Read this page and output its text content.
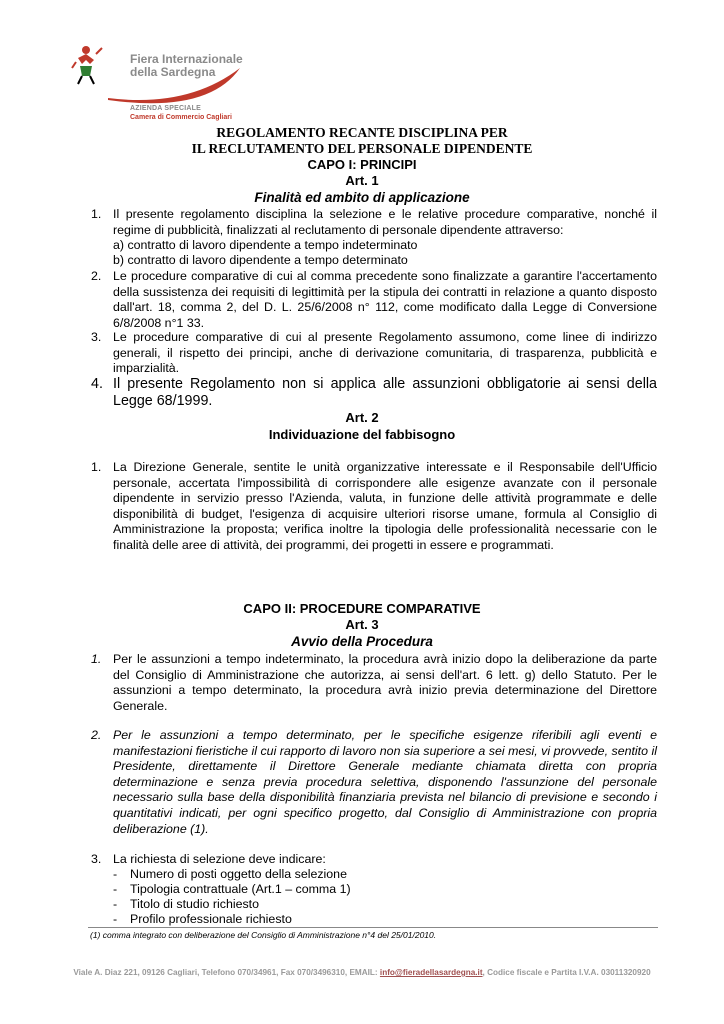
Fiera Internazionale
della Sardegna
AZIENDA SPECIALE
Camera di Commercio Cagliari
REGOLAMENTO RECANTE DISCIPLINA PER
IL RECLUTAMENTO DEL PERSONALE DIPENDENTE
CAPO I: PRINCIPI
Art. 1
Finalità ed ambito di applicazione
1. Il presente regolamento disciplina la selezione e le relative procedure comparative, nonché il regime di pubblicità, finalizzati al reclutamento di personale dipendente attraverso:
a) contratto di lavoro dipendente a tempo indeterminato
b) contratto di lavoro dipendente a tempo determinato
2. Le procedure comparative di cui al comma precedente sono finalizzate a garantire l'accertamento della sussistenza dei requisiti di legittimità per la stipula dei contratti in relazione a quanto disposto dall'art. 18, comma 2, del D. L. 25/6/2008 n° 112, come modificato dalla Legge di Conversione 6/8/2008 n°1 33.
3. Le procedure comparative di cui al presente Regolamento assumono, come linee di indirizzo generali, il rispetto dei principi, anche di derivazione comunitaria, di trasparenza, pubblicità e imparzialità.
4. Il presente Regolamento non si applica alle assunzioni obbligatorie ai sensi della Legge 68/1999.
Art. 2
Individuazione del fabbisogno
1. La Direzione Generale, sentite le unità organizzative interessate e il Responsabile dell'Ufficio personale, accertata l'impossibilità di corrispondere alle esigenze avanzate con il personale dipendente in servizio presso l'Azienda, valuta, in funzione delle attività programmate e delle disponibilità di budget, l'esigenza di acquisire ulteriori risorse umane, formula al Consiglio di Amministrazione la proposta; verifica inoltre la tipologia delle professionalità necessarie con le finalità delle aree di attività, dei programmi, dei progetti in essere e programmati.
CAPO II: PROCEDURE COMPARATIVE
Art. 3
Avvio della Procedura
1. Per le assunzioni a tempo indeterminato, la procedura avrà inizio dopo la deliberazione da parte del Consiglio di Amministrazione che autorizza, ai sensi dell'art. 6 lett. g) dello Statuto. Per le assunzioni a tempo determinato, la procedura avrà inizio previa determinazione del Direttore Generale.
2. Per le assunzioni a tempo determinato, per le specifiche esigenze riferibili agli eventi e manifestazioni fieristiche il cui rapporto di lavoro non sia superiore a sei mesi, vi provvede, sentito il Presidente, direttamente il Direttore Generale mediante chiamata diretta con propria determinazione e senza previa procedura selettiva, disponendo l'assunzione del personale necessario sulla base della disponibilità finanziaria prevista nel bilancio di previsione e secondo i quantitativi indicati, per ogni specifico progetto, dal Consiglio di Amministrazione con propria deliberazione (1).
3. La richiesta di selezione deve indicare:
- Numero di posti oggetto della selezione
- Tipologia contrattuale (Art.1 – comma 1)
- Titolo di studio richiesto
- Profilo professionale richiesto
(1) comma integrato con deliberazione del Consiglio di Amministrazione n°4 del 25/01/2010.
Viale A. Diaz 221, 09126 Cagliari, Telefono 070/34961, Fax 070/3496310, EMAIL: info@fieradellasardegna.it, Codice fiscale e Partita I.V.A. 03011320920
